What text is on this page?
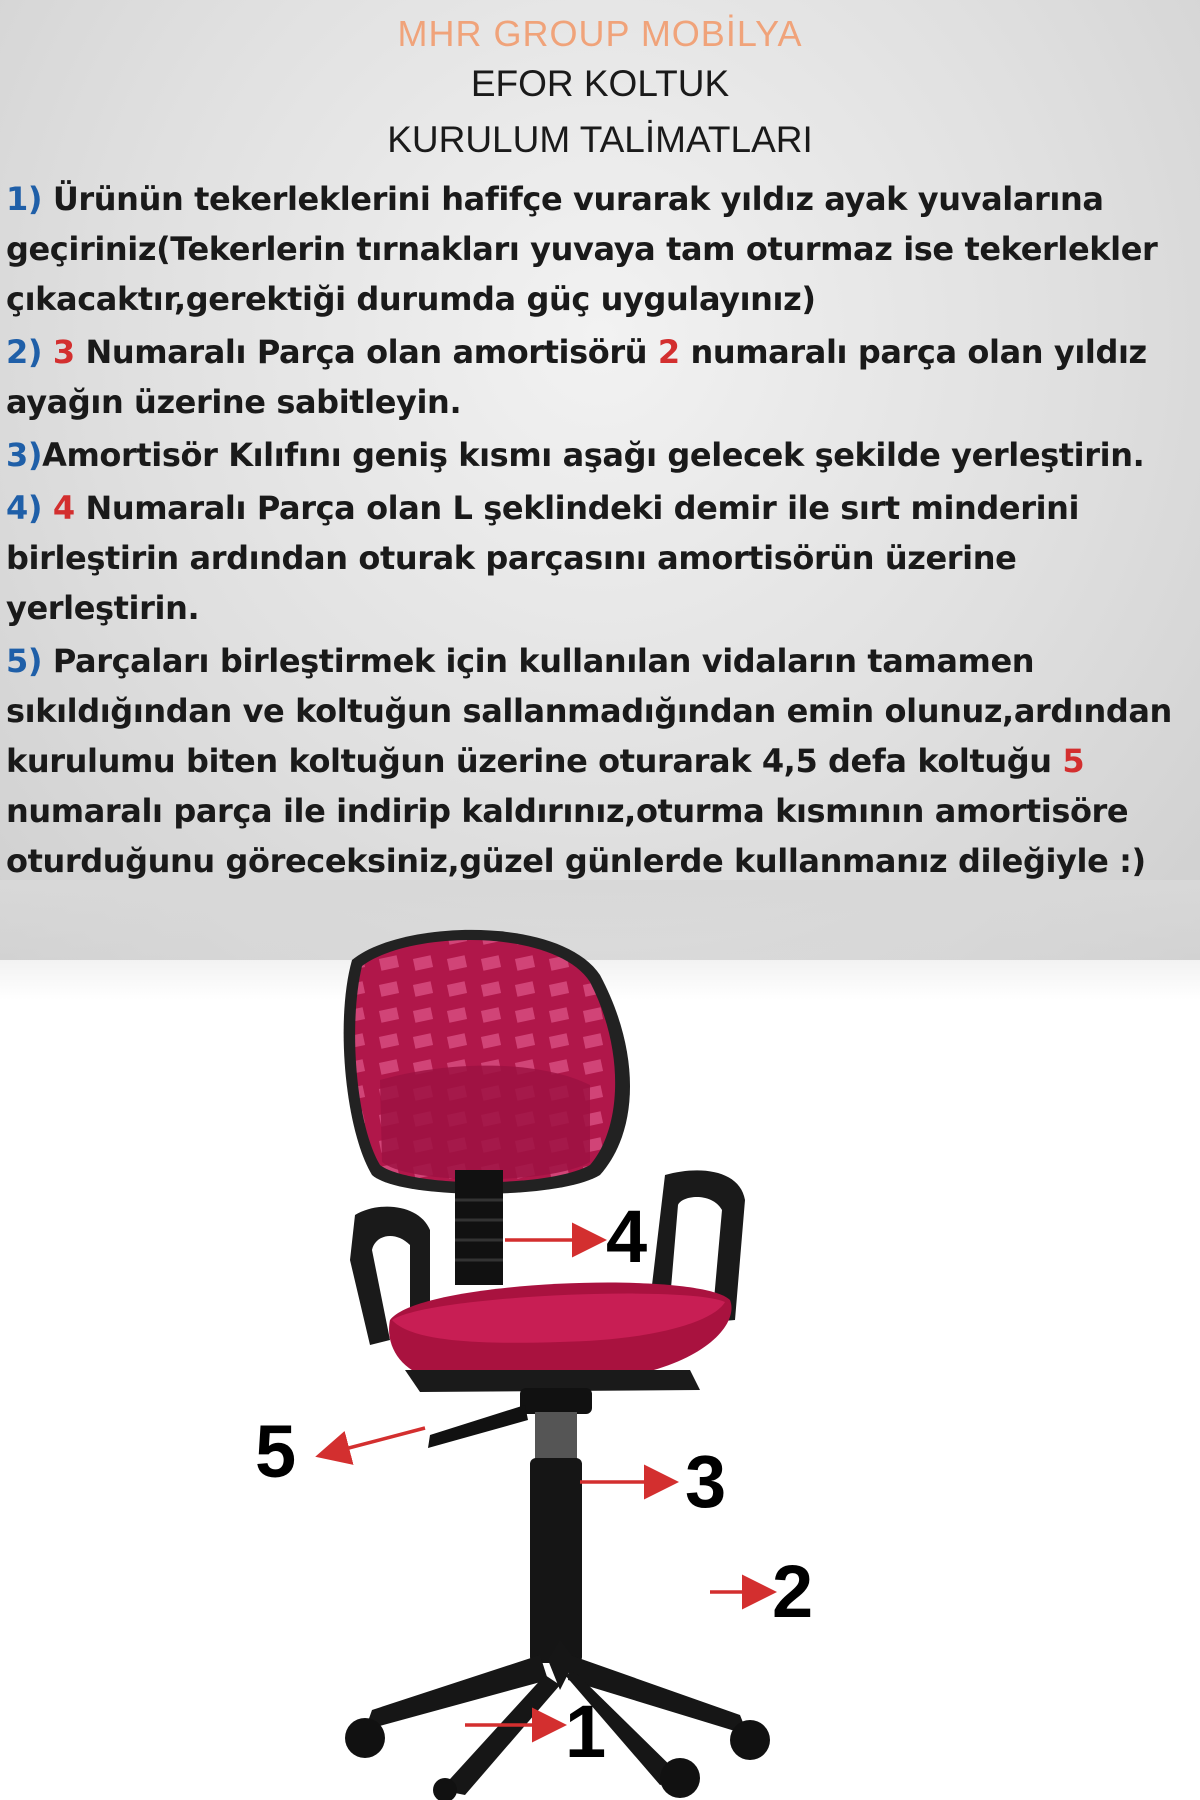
MHR GROUP MOBİLYA
EFOR KOLTUK
KURULUM TALİMATLARI
1) Ürünün tekerleklerini hafifçe vurarak yıldız ayak yuvalarına geçiriniz(Tekerlerin tırnakları yuvaya tam oturmaz ise tekerlekler çıkacaktır,gerektiği durumda güç uygulayınız)
2) 3 Numaralı Parça olan amortisörü 2 numaralı parça olan yıldız ayağın üzerine sabitleyin.
3)Amortisör Kılıfını geniş kısmı aşağı gelecek şekilde yerleştirin.
4) 4 Numaralı Parça olan L şeklindeki demir ile sırt minderini birleştirin ardından oturak parçasını amortisörün üzerine yerleştirin.
5) Parçaları birleştirmek için kullanılan vidaların tamamen sıkıldığından ve koltuğun sallanmadığından emin olunuz,ardından kurulumu biten koltuğun üzerine oturarak 4,5 defa koltuğu 5 numaralı parça ile indirip kaldırınız,oturma kısmının amortisöre oturduğunu göreceksiniz,güzel günlerde kullanmanız dileğiyle :)
4
5	3
2
1
